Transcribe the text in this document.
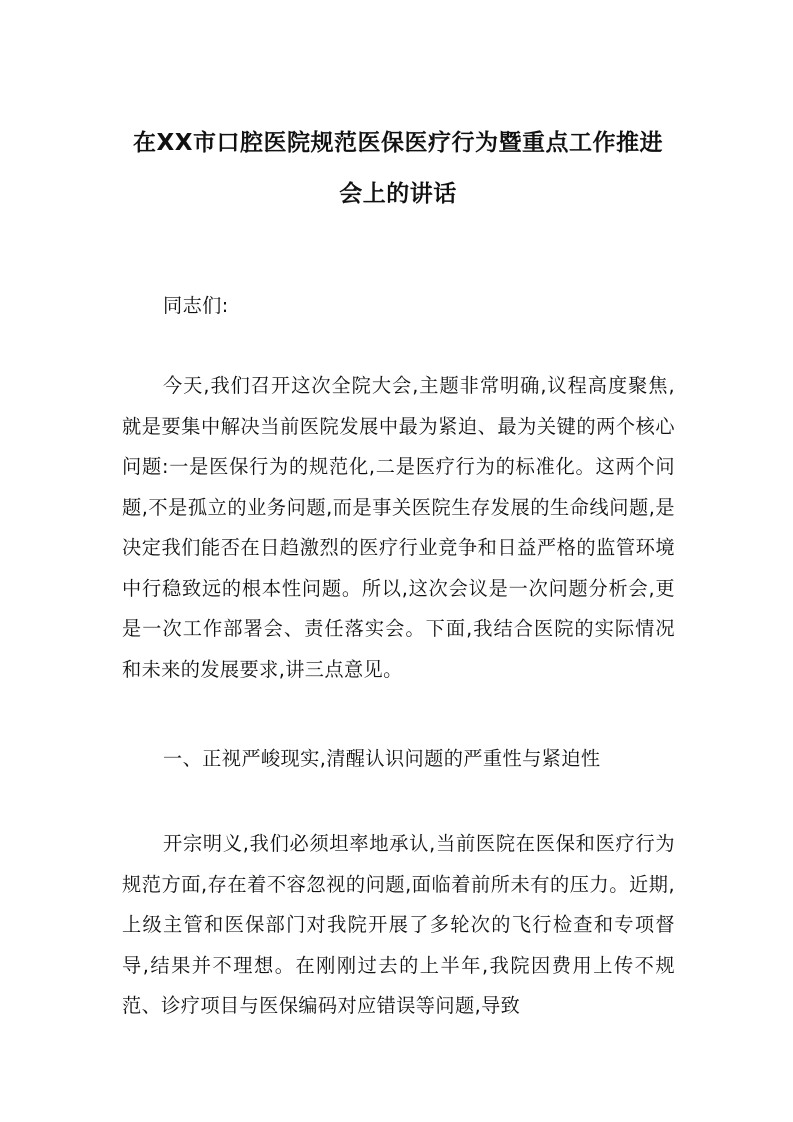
在XX市口腔医院规范医保医疗行为暨重点工作推进
会上的讲话

同志们:

今天,我们召开这次全院大会,主题非常明确,议程高度聚焦,就是要集中解决当前医院发展中最为紧迫、最为关键的两个核心问题:一是医保行为的规范化,二是医疗行为的标准化。这两个问题,不是孤立的业务问题,而是事关医院生存发展的生命线问题,是决定我们能否在日趋激烈的医疗行业竞争和日益严格的监管环境中行稳致远的根本性问题。所以,这次会议是一次问题分析会,更是一次工作部署会、责任落实会。下面,我结合医院的实际情况和未来的发展要求,讲三点意见。

一、正视严峻现实,清醒认识问题的严重性与紧迫性

开宗明义,我们必须坦率地承认,当前医院在医保和医疗行为规范方面,存在着不容忽视的问题,面临着前所未有的压力。近期,上级主管和医保部门对我院开展了多轮次的飞行检查和专项督导,结果并不理想。在刚刚过去的上半年,我院因费用上传不规范、诊疗项目与医保编码对应错误等问题,导致
